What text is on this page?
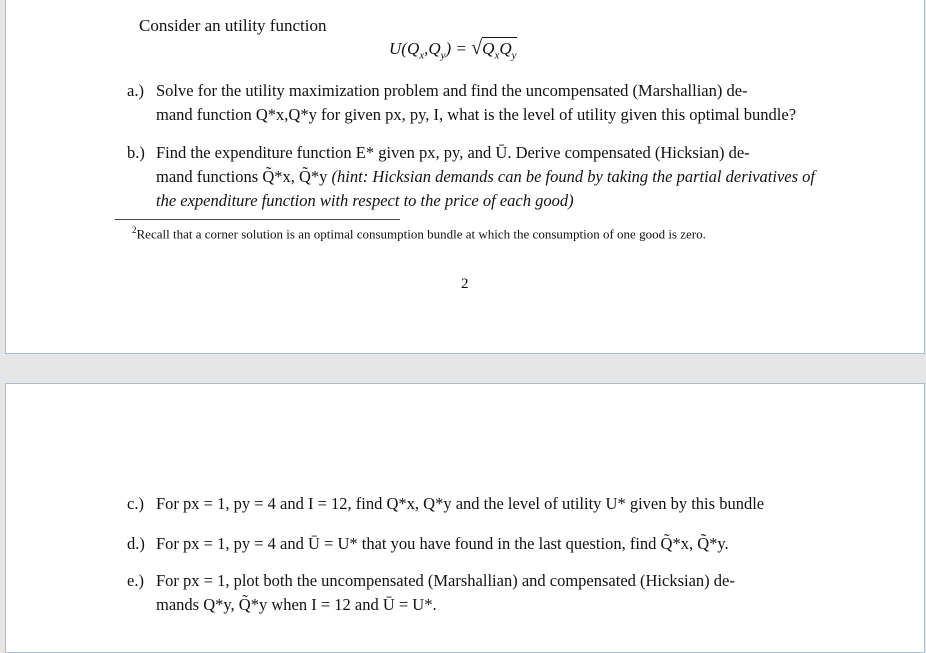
Consider an utility function
$U(Q_x,Q_y) = √Q_xQ_y$
a.) Solve for the utility maximization problem and find the uncompensated (Marshallian) de-
mand function Q*x,Q*y for given px, py, I, what is the level of utility given this optimal bundle?
b.) Find the expenditure function E* given px, py, and Ū. Derive compensated (Hicksian) de-
mand functions Q̃*x, Q̃*y (hint: Hicksian demands can be found by taking the partial derivatives of
the expenditure function with respect to the price of each good)
$^2$Recall that a corner solution is an optimal consumption bundle at which the consumption of one good is zero.
2
c.) For px = 1, py = 4 and I = 12, find Q*x, Q*y and the level of utility U* given by this bundle
d.) For px = 1, py = 4 and Ū = U* that you have found in the last question, find Q̃*x, Q̃*y.
e.) For px = 1, plot both the uncompensated (Marshallian) and compensated (Hicksian) de-
mands Q*y, Q̃*y when I = 12 and Ū = U*.
